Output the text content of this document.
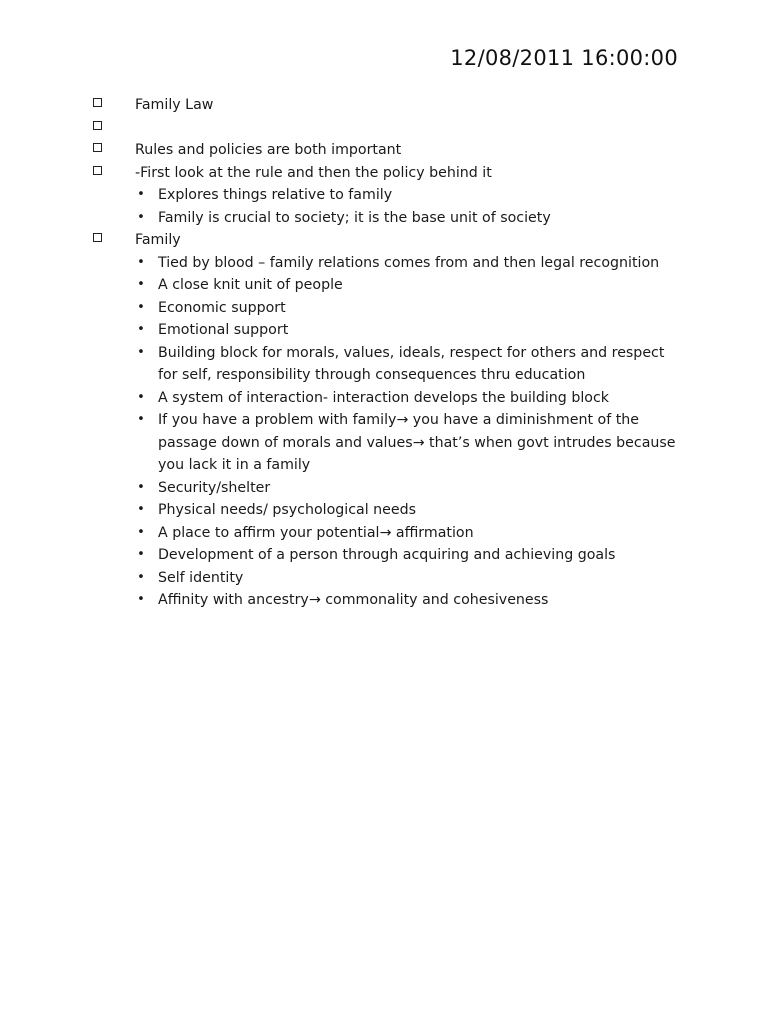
12/08/2011 16:00:00
Family Law
Rules and policies are both important
-First look at the rule and then the policy behind it
• Explores things relative to family
• Family is crucial to society; it is the base unit of society
Family
• Tied by blood – family relations comes from and then legal recognition
• A close knit unit of people
• Economic support
• Emotional support
• Building block for morals, values, ideals, respect for others and respect for self, responsibility through consequences thru education
• A system of interaction- interaction develops the building block
• If you have a problem with family→ you have a diminishment of the passage down of morals and values→ that’s when govt intrudes because you lack it in a family
• Security/shelter
• Physical needs/ psychological needs
• A place to affirm your potential→ affirmation
• Development of a person through acquiring and achieving goals
• Self identity
• Affinity with ancestry→ commonality and cohesiveness
